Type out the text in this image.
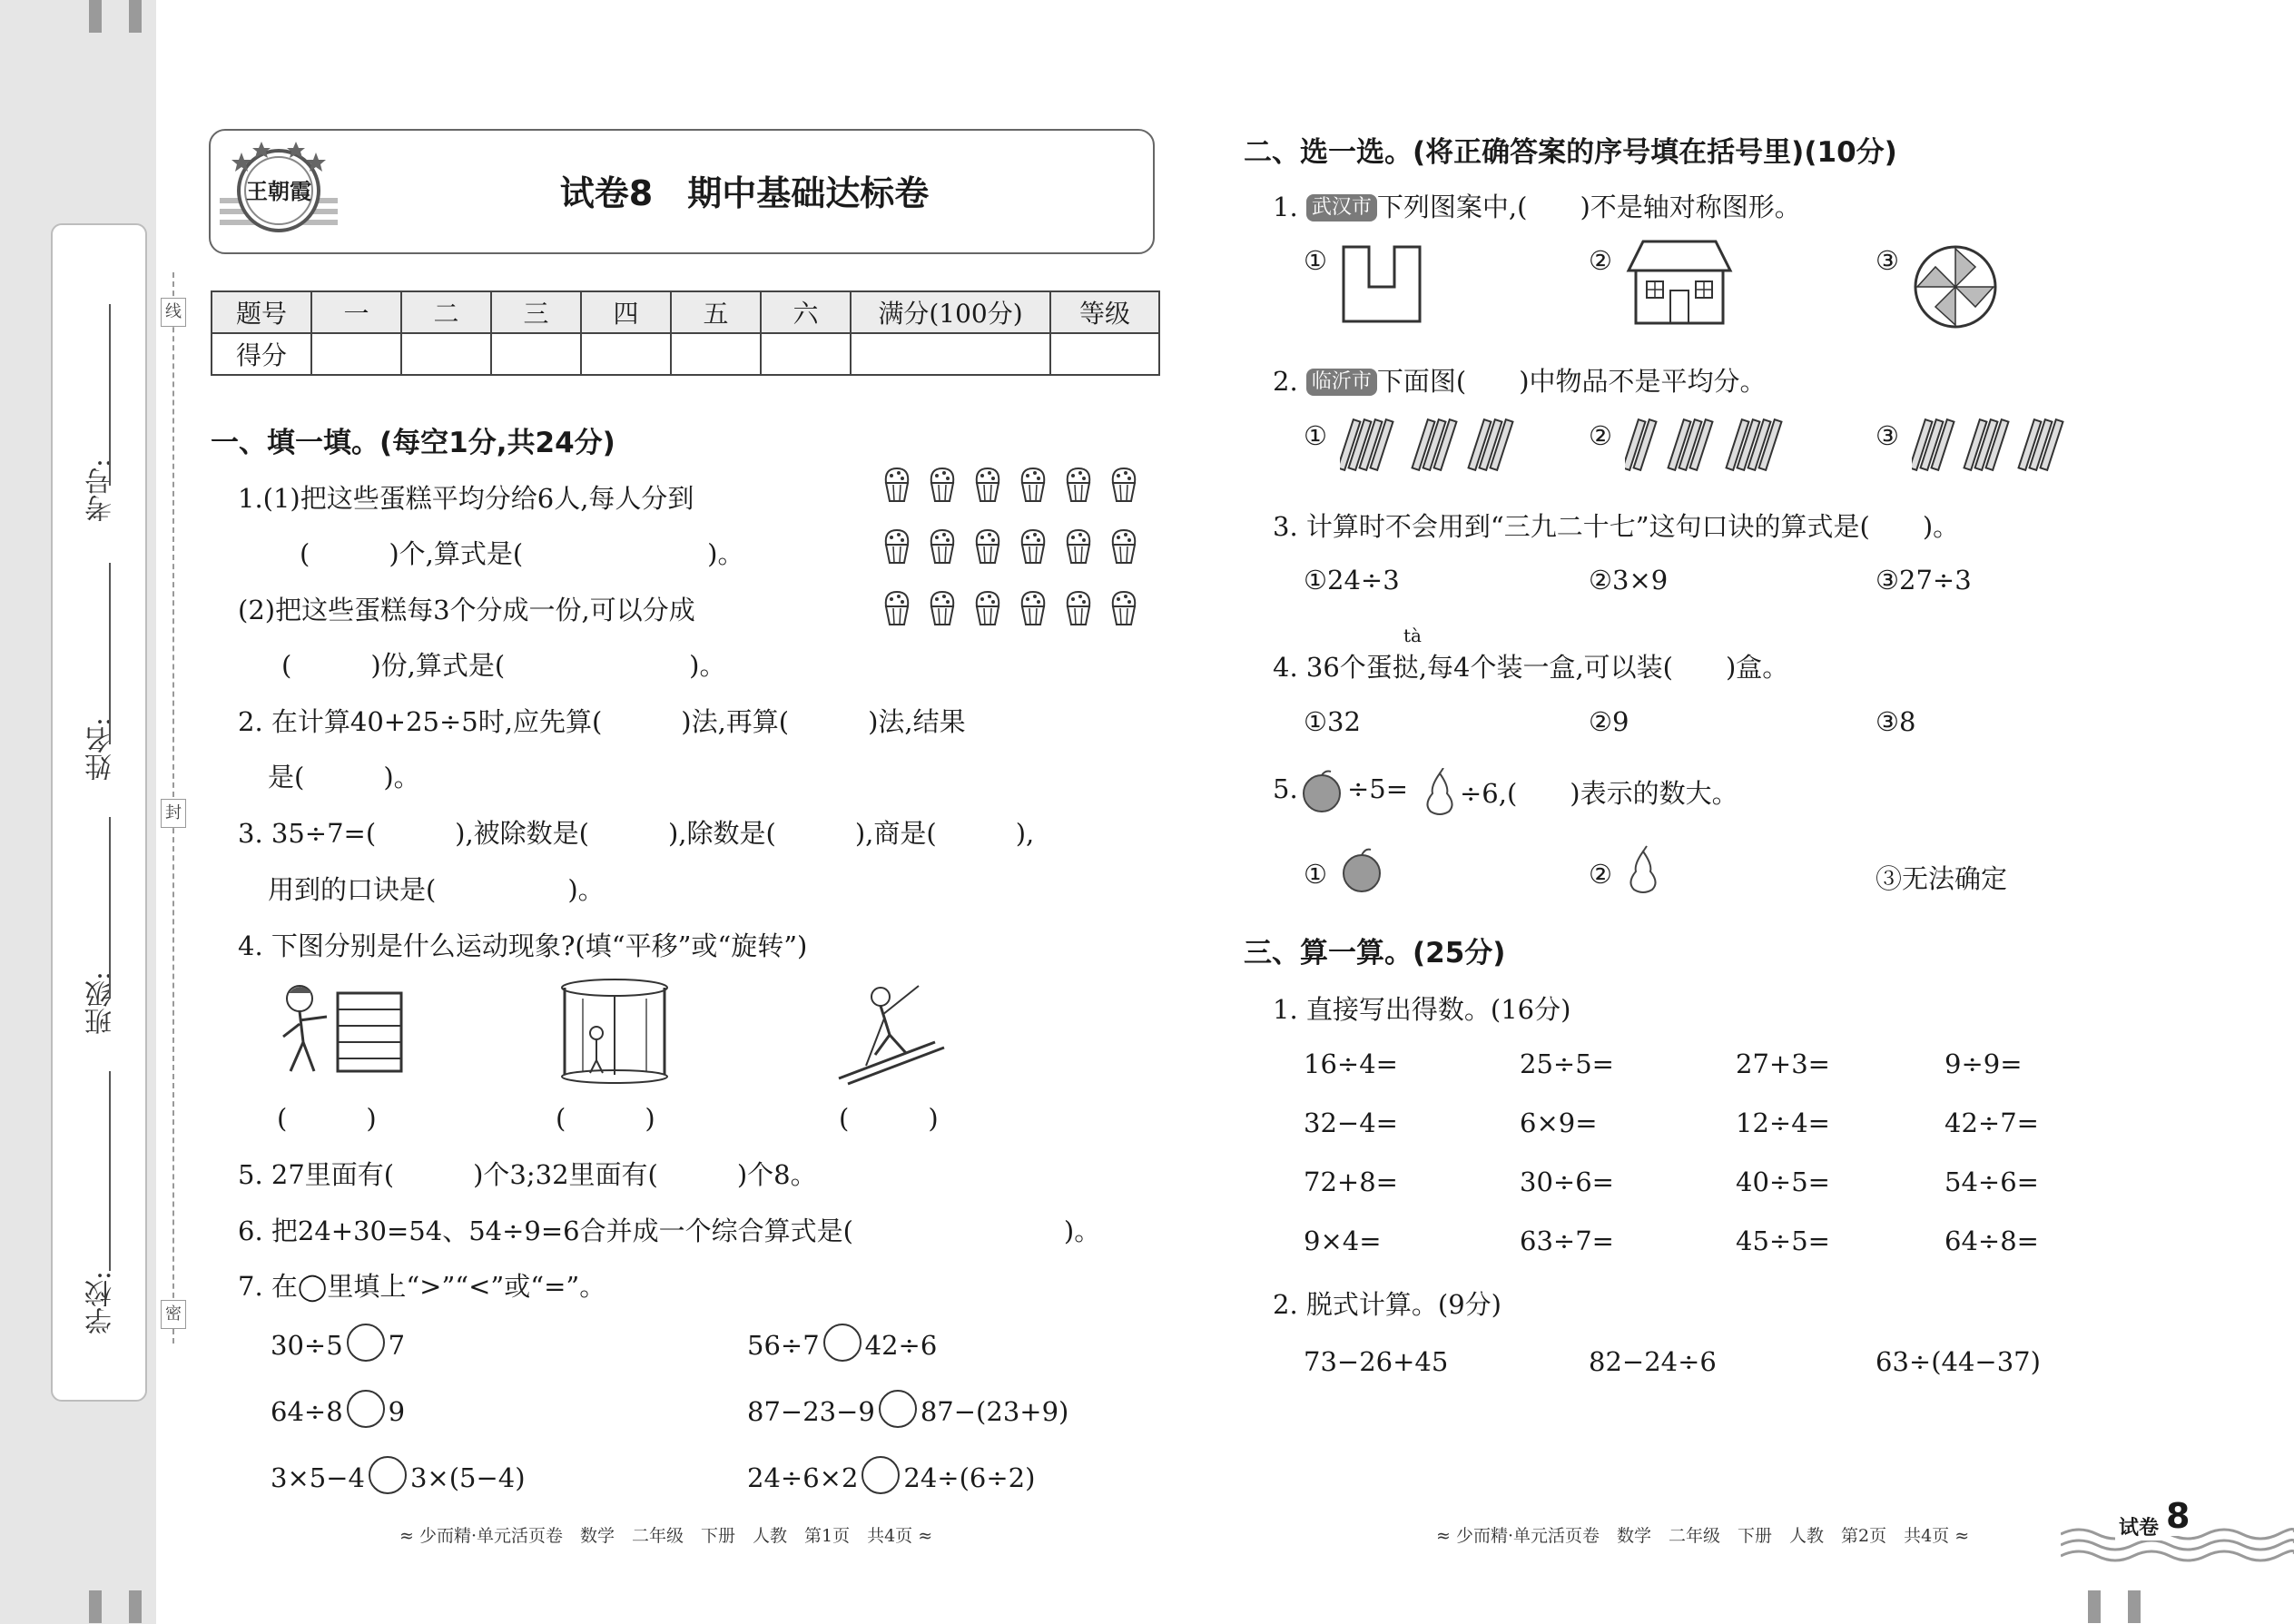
考号:
姓名:
班级:
学校:
线
封
密
王朝霞	试卷8　期中基础达标卷
题号	一	二	三	四	五	六	满分(100分)	等级
得分								
一、填一填。(每空1分,共24分)
1.(1)把这些蛋糕平均分给6人,每人分到
(　　　)个,算式是(　　　　　　　)。
(2)把这些蛋糕每3个分成一份,可以分成
(　　　)份,算式是(　　　　　　　)。
2. 在计算40+25÷5时,应先算(　　　)法,再算(　　　)法,结果
是(　　　)。
3. 35÷7=(　　　),被除数是(　　　),除数是(　　　),商是(　　　),
用到的口诀是(　　　　　)。
4. 下图分别是什么运动现象?(填“平移”或“旋转”)
(　　　)	(　　　)	(　　　)
5. 27里面有(　　　)个3;32里面有(　　　)个8。
6. 把24+30=54、54÷9=6合并成一个综合算式是(　　　　　　　　)。
7. 在◯里填上“>”“<”或“=”。
30÷5 7	56÷7 42÷6
64÷8 9	87−23−9 87−(23+9)
3×5−4 3×(5−4)	24÷6×2 24÷(6÷2)
≈ 少而精·单元活页卷　数学　二年级　下册　人教　第1页　共4页 ≈
二、选一选。(将正确答案的序号填在括号里)(10分)
1. 武汉市 下列图案中,(　　)不是轴对称图形。
①	②	③
2. 临沂市 下面图(　　)中物品不是平均分。
①	②	③
3. 计算时不会用到“三九二十七”这句口诀的算式是(　　)。
①24÷3	②3×9	③27÷3
tà
4. 36个蛋挞,每4个装一盒,可以装(　　)盒。
①32	②9	③8
5. ÷5= ÷6,(　　)表示的数大。
①	②	③无法确定
三、算一算。(25分)
1. 直接写出得数。(16分)
16÷4=	25÷5=	27+3=	9÷9=
32−4=	6×9=	12÷4=	42÷7=
72+8=	30÷6=	40÷5=	54÷6=
9×4=	63÷7=	45÷5=	64÷8=
2. 脱式计算。(9分)
73−26+45	82−24÷6	63÷(44−37)
≈ 少而精·单元活页卷　数学　二年级　下册　人教　第2页　共4页 ≈	试卷 8
